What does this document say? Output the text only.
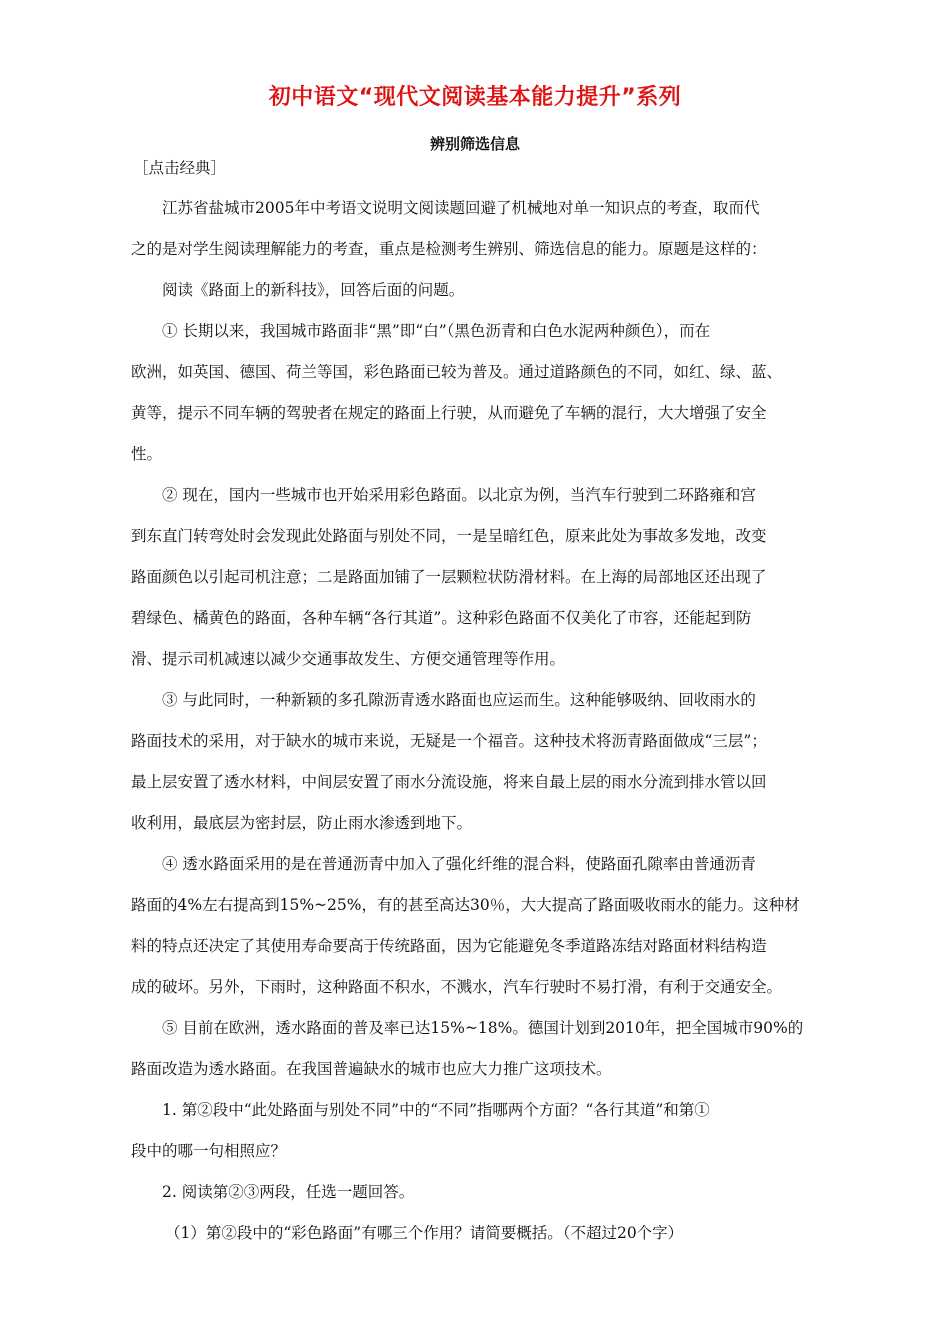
初中语文“现代文阅读基本能力提升”系列
辨别筛选信息
［点击经典］
江苏省盐城市2005年中考语文说明文阅读题回避了机械地对单一知识点的考查，取而代
之的是对学生阅读理解能力的考查，重点是检测考生辨别、筛选信息的能力。原题是这样的：
阅读《路面上的新科技》，回答后面的问题。
① 长期以来，我国城市路面非“黑”即“白”（黑色沥青和白色水泥两种颜色），而在
欧洲，如英国、德国、荷兰等国，彩色路面已较为普及。通过道路颜色的不同，如红、绿、蓝、
黄等，提示不同车辆的驾驶者在规定的路面上行驶，从而避免了车辆的混行，大大增强了安全
性。
② 现在，国内一些城市也开始采用彩色路面。以北京为例，当汽车行驶到二环路雍和宫
到东直门转弯处时会发现此处路面与别处不同，一是呈暗红色，原来此处为事故多发地，改变
路面颜色以引起司机注意；二是路面加铺了一层颗粒状防滑材料。在上海的局部地区还出现了
碧绿色、橘黄色的路面，各种车辆“各行其道”。这种彩色路面不仅美化了市容，还能起到防
滑、提示司机减速以减少交通事故发生、方便交通管理等作用。
③ 与此同时，一种新颖的多孔隙沥青透水路面也应运而生。这种能够吸纳、回收雨水的
路面技术的采用，对于缺水的城市来说，无疑是一个福音。这种技术将沥青路面做成“三层”；
最上层安置了透水材料，中间层安置了雨水分流设施，将来自最上层的雨水分流到排水管以回
收利用，最底层为密封层，防止雨水渗透到地下。
④ 透水路面采用的是在普通沥青中加入了强化纤维的混合料，使路面孔隙率由普通沥青
路面的4%左右提高到15%~25%，有的甚至高达30％，大大提高了路面吸收雨水的能力。这种材
料的特点还决定了其使用寿命要高于传统路面，因为它能避免冬季道路冻结对路面材料结构造
成的破坏。另外，下雨时，这种路面不积水，不溅水，汽车行驶时不易打滑，有利于交通安全。
⑤ 目前在欧洲，透水路面的普及率已达15%~18%。德国计划到2010年，把全国城市90%的
路面改造为透水路面。在我国普遍缺水的城市也应大力推广这项技术。
1. 第②段中“此处路面与别处不同”中的“不同”指哪两个方面？“各行其道”和第①
段中的哪一句相照应？
2. 阅读第②③两段，任选一题回答。
（1）第②段中的“彩色路面”有哪三个作用？请简要概括。（不超过20个字）
